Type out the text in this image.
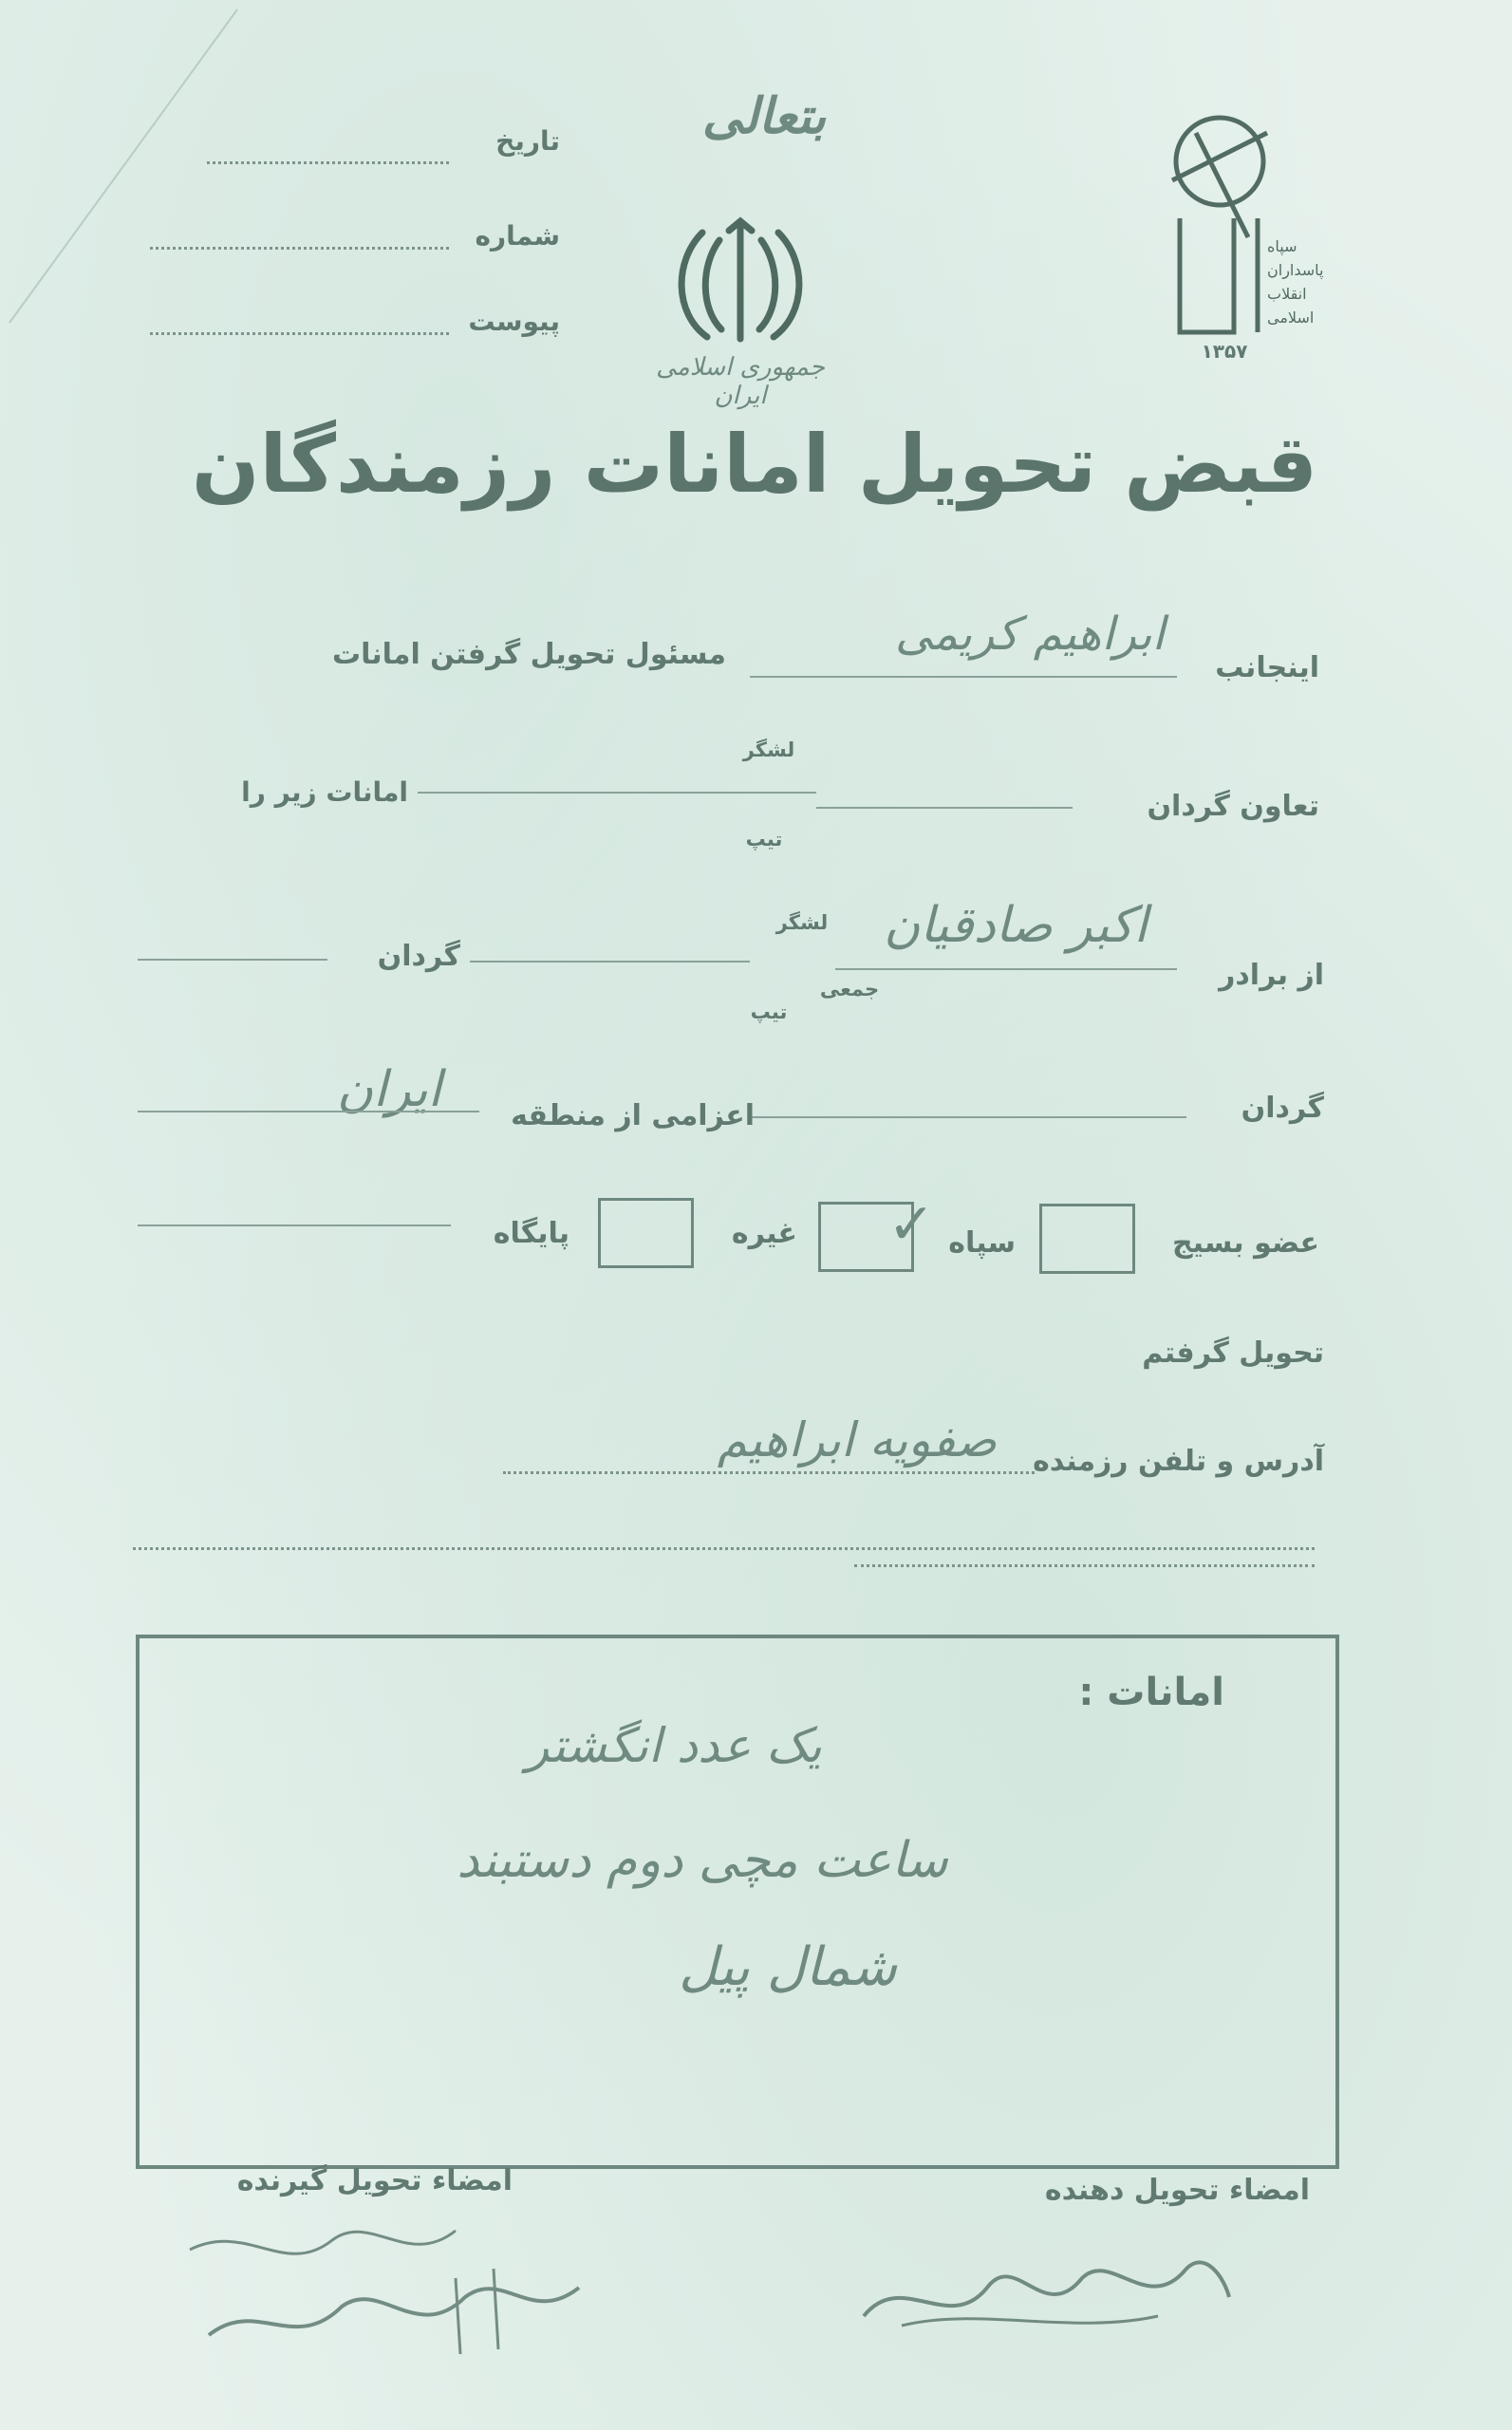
بتعالی
تاریخ
شماره
پیوست
جمهوری اسلامی ایران
سپاه
پاسداران
انقلاب
اسلامی
۱۳۵۷
قبض تحویل امانات رزمندگان
اینجانب
ابراهیم کریمی
مسئول تحویل گرفتن امانات
تعاون گردان
لشگر
تیپ
امانات زیر را
از برادر
اکبر صادقیان
لشگر
جمعی
تیپ
گردان
گردان
اعزامی از منطقه
ایران
عضو بسیج
سپاه
✓
غیره
پایگاه
تحویل گرفتم
آدرس و تلفن رزمنده
صفویه ابراهیم
امانات :
یک عدد انگشتر
ساعت مچی دوم دستبند
شمال پیل
امضاء تحویل دهنده
امضاء تحویل گیرنده
